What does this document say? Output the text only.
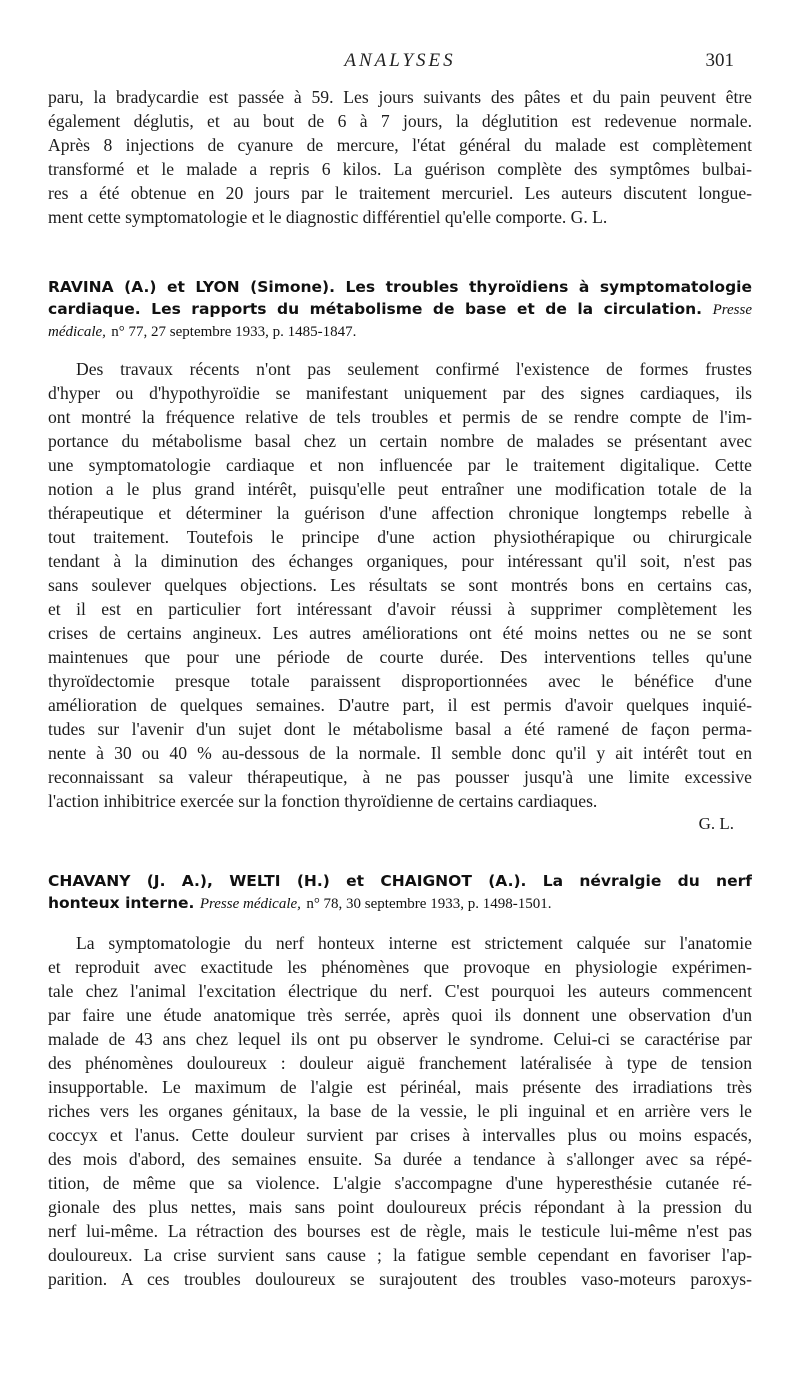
ANALYSES	301
paru, la bradycardie est passée à 59. Les jours suivants des pâtes et du pain peuvent être
également déglutis, et au bout de 6 à 7 jours, la déglutition est redevenue normale.
Après 8 injections de cyanure de mercure, l'état général du malade est complètement
transformé et le malade a repris 6 kilos. La guérison complète des symptômes bulbai-
res a été obtenue en 20 jours par le traitement mercuriel. Les auteurs discutent longue-
ment cette symptomatologie et le diagnostic différentiel qu'elle comporte. G. L.
RAVINA (A.) et LYON (Simone). Les troubles thyroïdiens à symptomatologie
cardiaque. Les rapports du métabolisme de base et de la circulation. Presse
médicale, n° 77, 27 septembre 1933, p. 1485-1847.
Des travaux récents n'ont pas seulement confirmé l'existence de formes frustes
d'hyper ou d'hypothyroïdie se manifestant uniquement par des signes cardiaques, ils
ont montré la fréquence relative de tels troubles et permis de se rendre compte de l'im-
portance du métabolisme basal chez un certain nombre de malades se présentant avec
une symptomatologie cardiaque et non influencée par le traitement digitalique. Cette
notion a le plus grand intérêt, puisqu'elle peut entraîner une modification totale de la
thérapeutique et déterminer la guérison d'une affection chronique longtemps rebelle à
tout traitement. Toutefois le principe d'une action physiothérapique ou chirurgicale
tendant à la diminution des échanges organiques, pour intéressant qu'il soit, n'est pas
sans soulever quelques objections. Les résultats se sont montrés bons en certains cas,
et il est en particulier fort intéressant d'avoir réussi à supprimer complètement les
crises de certains angineux. Les autres améliorations ont été moins nettes ou ne se sont
maintenues que pour une période de courte durée. Des interventions telles qu'une
thyroïdectomie presque totale paraissent disproportionnées avec le bénéfice d'une
amélioration de quelques semaines. D'autre part, il est permis d'avoir quelques inquié-
tudes sur l'avenir d'un sujet dont le métabolisme basal a été ramené de façon perma-
nente à 30 ou 40 % au-dessous de la normale. Il semble donc qu'il y ait intérêt tout en
reconnaissant sa valeur thérapeutique, à ne pas pousser jusqu'à une limite excessive
l'action inhibitrice exercée sur la fonction thyroïdienne de certains cardiaques.
G. L.
CHAVANY (J. A.), WELTI (H.) et CHAIGNOT (A.). La névralgie du nerf
honteux interne. Presse médicale, n° 78, 30 septembre 1933, p. 1498-1501.
La symptomatologie du nerf honteux interne est strictement calquée sur l'anatomie
et reproduit avec exactitude les phénomènes que provoque en physiologie expérimen-
tale chez l'animal l'excitation électrique du nerf. C'est pourquoi les auteurs commencent
par faire une étude anatomique très serrée, après quoi ils donnent une observation d'un
malade de 43 ans chez lequel ils ont pu observer le syndrome. Celui-ci se caractérise par
des phénomènes douloureux : douleur aiguë franchement latéralisée à type de tension
insupportable. Le maximum de l'algie est périnéal, mais présente des irradiations très
riches vers les organes génitaux, la base de la vessie, le pli inguinal et en arrière vers le
coccyx et l'anus. Cette douleur survient par crises à intervalles plus ou moins espacés,
des mois d'abord, des semaines ensuite. Sa durée a tendance à s'allonger avec sa répé-
tition, de même que sa violence. L'algie s'accompagne d'une hyperesthésie cutanée ré-
gionale des plus nettes, mais sans point douloureux précis répondant à la pression du
nerf lui-même. La rétraction des bourses est de règle, mais le testicule lui-même n'est pas
douloureux. La crise survient sans cause ; la fatigue semble cependant en favoriser l'ap-
parition. A ces troubles douloureux se surajoutent des troubles vaso-moteurs paroxys-
